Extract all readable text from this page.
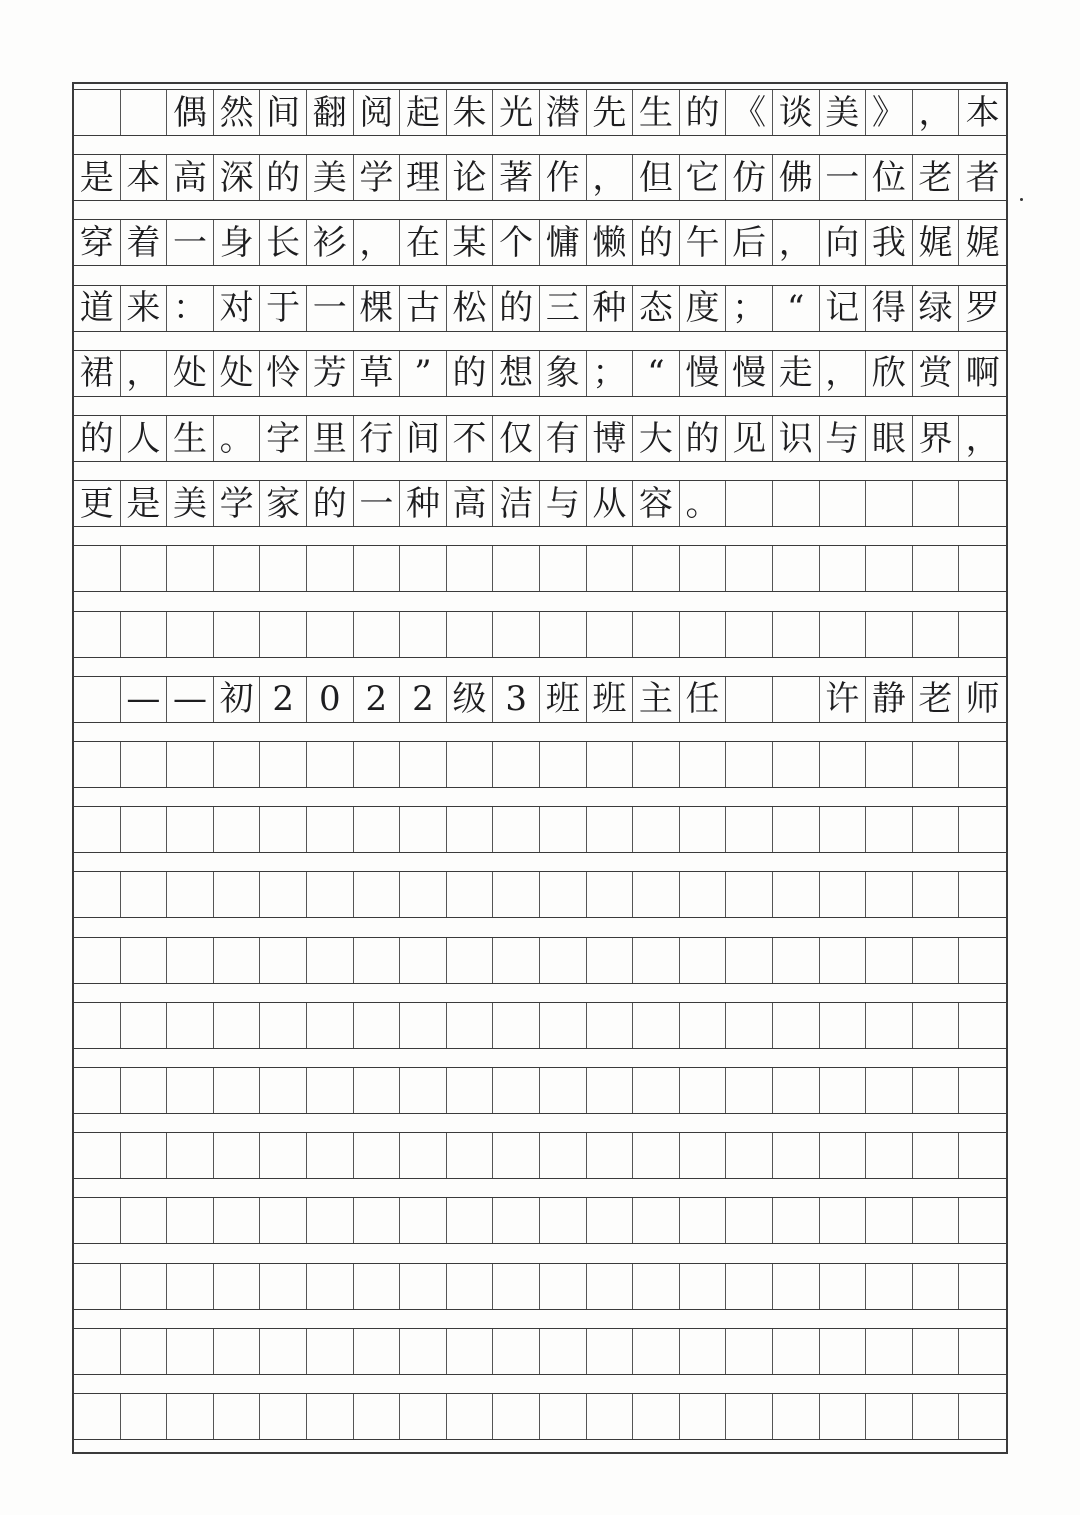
偶 然 间 翻 阅 起 朱 光 潜 先 生 的 《 谈 美 》 ， 本
是 本 高 深 的 美 学 理 论 著 作 ， 但 它 仿 佛 一 位 老 者
穿 着 一 身 长 衫 ， 在 某 个 慵 懒 的 午 后 ， 向 我 娓 娓
道 来 ： 对 于 一 棵 古 松 的 三 种 态 度 ； “ 记 得 绿 罗
裙 ， 处 处 怜 芳 草 ” 的 想 象 ； “ 慢 慢 走 ， 欣 赏 啊
的 人 生 。 字 里 行 间 不 仅 有 博 大 的 见 识 与 眼 界 ，
更 是 美 学 家 的 一 种 高 洁 与 从 容 。
— — 初 2 0 2 2 级 3 班 班 主 任	许 静 老 师
